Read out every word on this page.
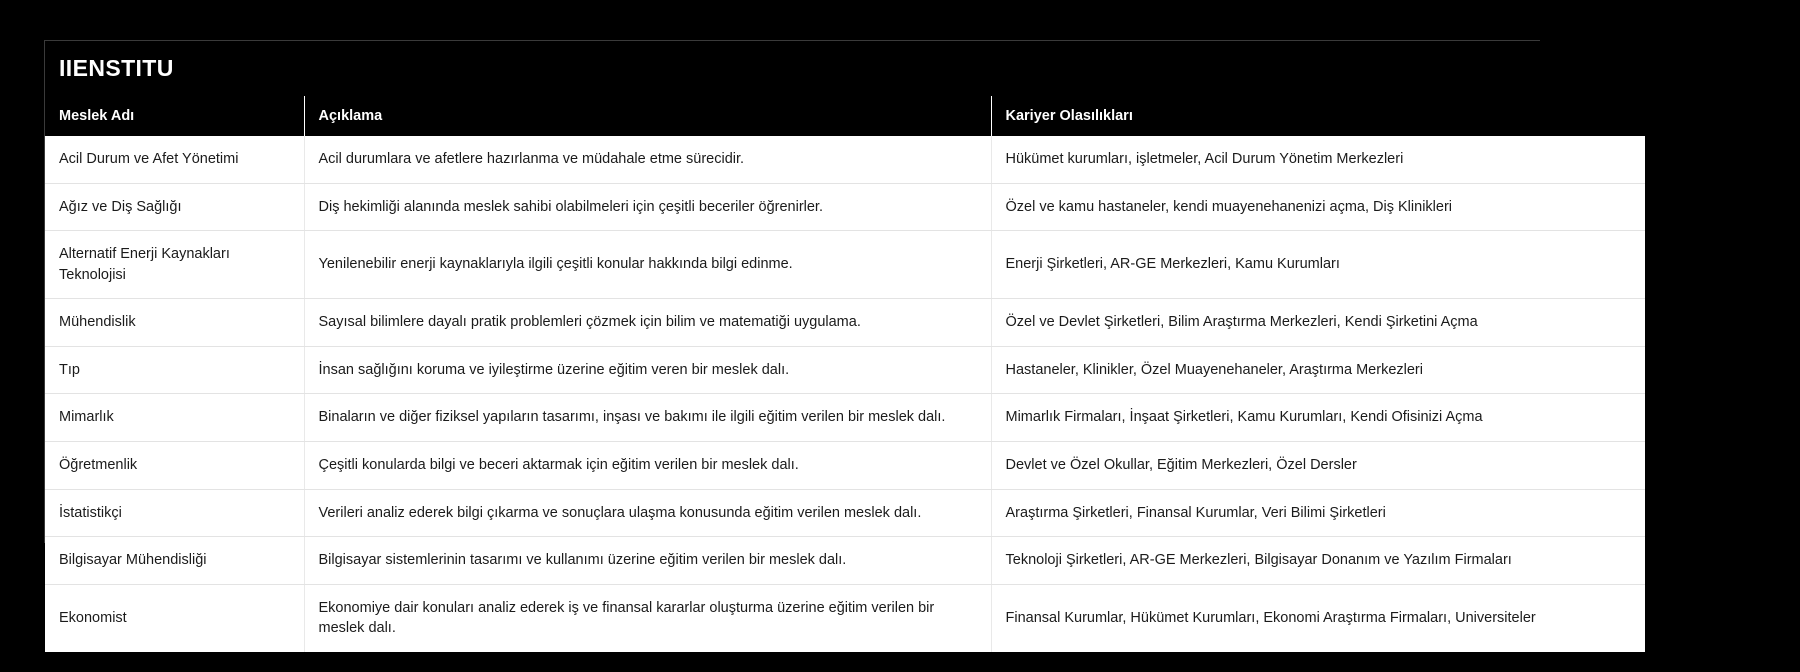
IIENSTITU
Meslek Adı	Açıklama	Kariyer Olasılıkları
Acil Durum ve Afet Yönetimi	Acil durumlara ve afetlere hazırlanma ve müdahale etme sürecidir.	Hükümet kurumları, işletmeler, Acil Durum Yönetim Merkezleri
Ağız ve Diş Sağlığı	Diş hekimliği alanında meslek sahibi olabilmeleri için çeşitli beceriler öğrenirler.	Özel ve kamu hastaneler, kendi muayenehanenizi açma, Diş Klinikleri
Alternatif Enerji Kaynakları Teknolojisi	Yenilenebilir enerji kaynaklarıyla ilgili çeşitli konular hakkında bilgi edinme.	Enerji Şirketleri, AR-GE Merkezleri, Kamu Kurumları
Mühendislik	Sayısal bilimlere dayalı pratik problemleri çözmek için bilim ve matematiği uygulama.	Özel ve Devlet Şirketleri, Bilim Araştırma Merkezleri, Kendi Şirketini Açma
Tıp	İnsan sağlığını koruma ve iyileştirme üzerine eğitim veren bir meslek dalı.	Hastaneler, Klinikler, Özel Muayenehaneler, Araştırma Merkezleri
Mimarlık	Binaların ve diğer fiziksel yapıların tasarımı, inşası ve bakımı ile ilgili eğitim verilen bir meslek dalı.	Mimarlık Firmaları, İnşaat Şirketleri, Kamu Kurumları, Kendi Ofisinizi Açma
Öğretmenlik	Çeşitli konularda bilgi ve beceri aktarmak için eğitim verilen bir meslek dalı.	Devlet ve Özel Okullar, Eğitim Merkezleri, Özel Dersler
İstatistikçi	Verileri analiz ederek bilgi çıkarma ve sonuçlara ulaşma konusunda eğitim verilen meslek dalı.	Araştırma Şirketleri, Finansal Kurumlar, Veri Bilimi Şirketleri
Bilgisayar Mühendisliği	Bilgisayar sistemlerinin tasarımı ve kullanımı üzerine eğitim verilen bir meslek dalı.	Teknoloji Şirketleri, AR-GE Merkezleri, Bilgisayar Donanım ve Yazılım Firmaları
Ekonomist	Ekonomiye dair konuları analiz ederek iş ve finansal kararlar oluşturma üzerine eğitim verilen bir meslek dalı.	Finansal Kurumlar, Hükümet Kurumları, Ekonomi Araştırma Firmaları, Universiteler
